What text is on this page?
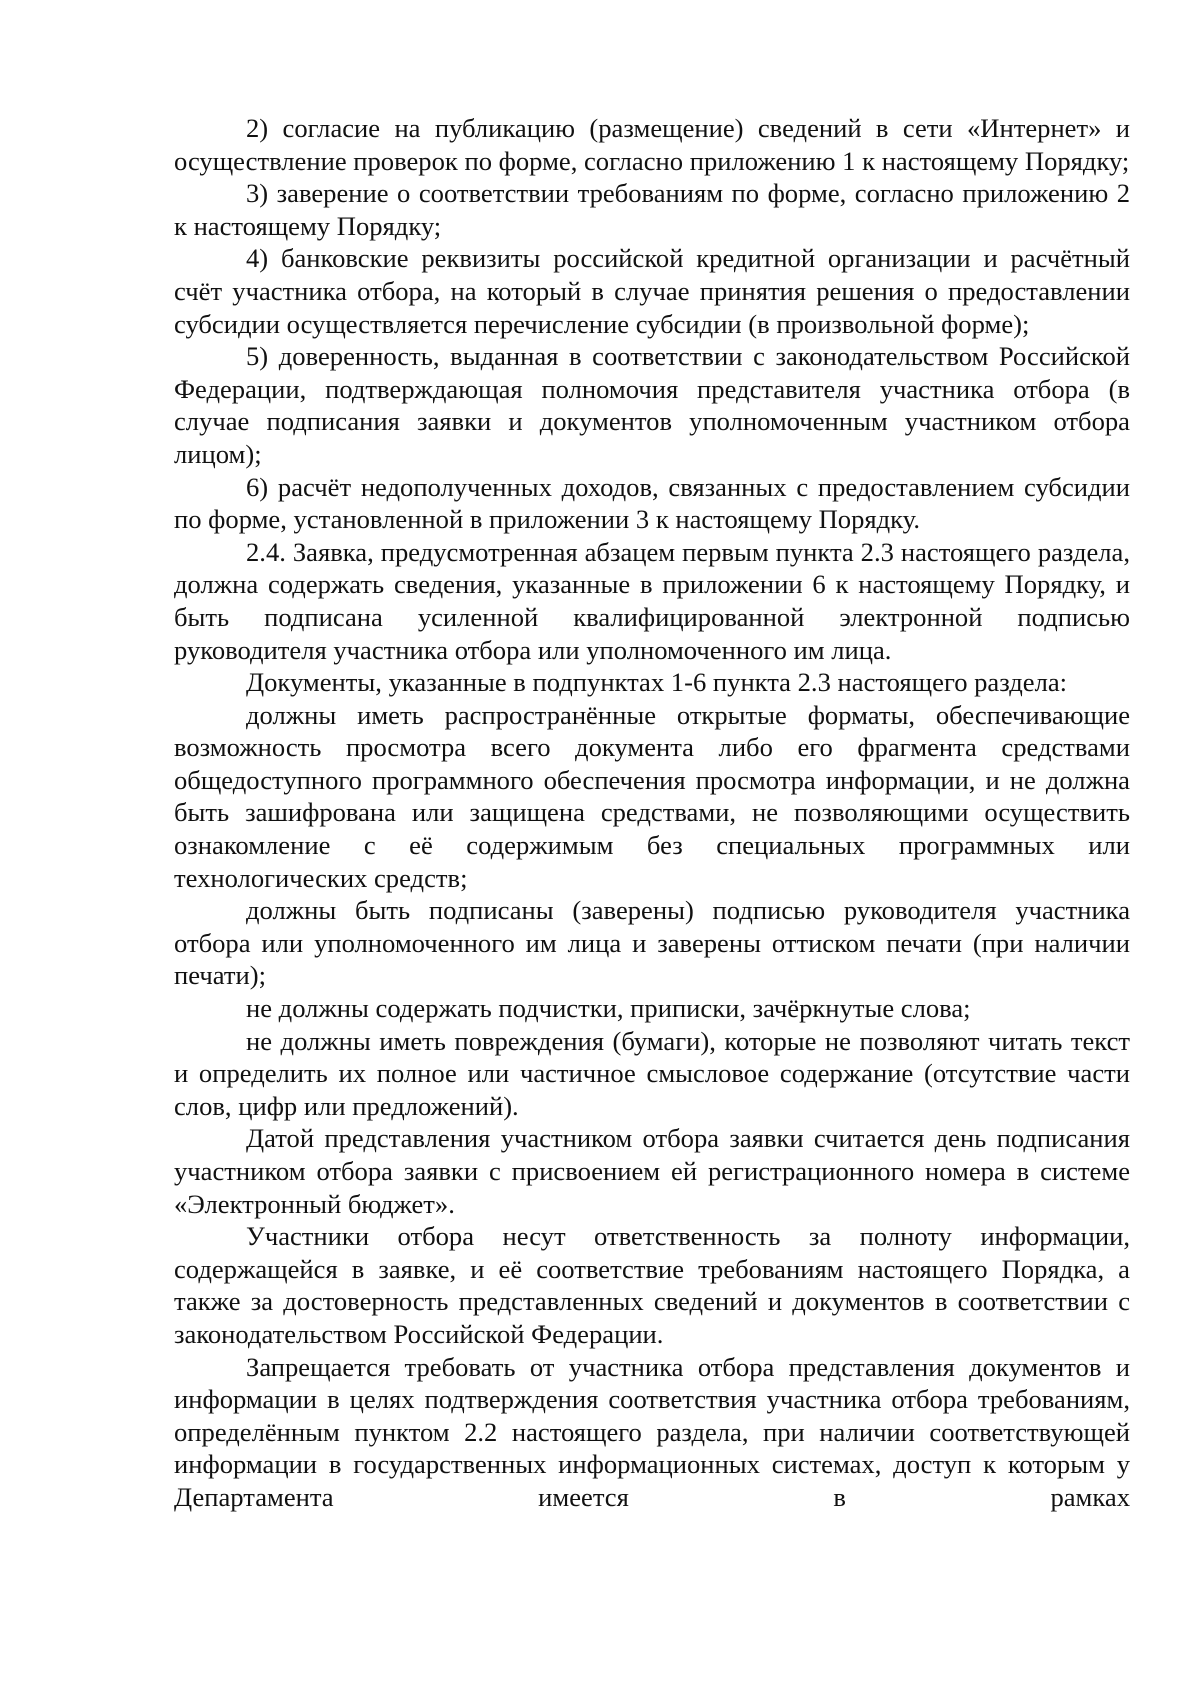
2) согласие на публикацию (размещение) сведений в сети «Интернет» и осуществление проверок по форме, согласно приложению 1 к настоящему Порядку;

3) заверение о соответствии требованиям по форме, согласно приложению 2 к настоящему Порядку;

4) банковские реквизиты российской кредитной организации и расчётный счёт участника отбора, на который в случае принятия решения о предоставлении субсидии осуществляется перечисление субсидии (в произвольной форме);

5) доверенность, выданная в соответствии с законодательством Российской Федерации, подтверждающая полномочия представителя участника отбора (в случае подписания заявки и документов уполномоченным участником отбора лицом);

6) расчёт недополученных доходов, связанных с предоставлением субсидии по форме, установленной в приложении 3 к настоящему Порядку.

2.4. Заявка, предусмотренная абзацем первым пункта 2.3 настоящего раздела, должна содержать сведения, указанные в приложении 6 к настоящему Порядку, и быть подписана усиленной квалифицированной электронной подписью руководителя участника отбора или уполномоченного им лица.

Документы, указанные в подпунктах 1-6 пункта 2.3 настоящего раздела:

должны иметь распространённые открытые форматы, обеспечивающие возможность просмотра всего документа либо его фрагмента средствами общедоступного программного обеспечения просмотра информации, и не должна быть зашифрована или защищена средствами, не позволяющими осуществить ознакомление с её содержимым без специальных программных или технологических средств;

должны быть подписаны (заверены) подписью руководителя участника отбора или уполномоченного им лица и заверены оттиском печати (при наличии печати);

не должны содержать подчистки, приписки, зачёркнутые слова;

не должны иметь повреждения (бумаги), которые не позволяют читать текст и определить их полное или частичное смысловое содержание (отсутствие части слов, цифр или предложений).

Датой представления участником отбора заявки считается день подписания участником отбора заявки с присвоением ей регистрационного номера в системе «Электронный бюджет».

Участники отбора несут ответственность за полноту информации, содержащейся в заявке, и её соответствие требованиям настоящего Порядка, а также за достоверность представленных сведений и документов в соответствии с законодательством Российской Федерации.

Запрещается требовать от участника отбора представления документов и информации в целях подтверждения соответствия участника отбора требованиям, определённым пунктом 2.2 настоящего раздела, при наличии соответствующей информации в государственных информационных системах, доступ к которым у Департамента имеется в рамках
